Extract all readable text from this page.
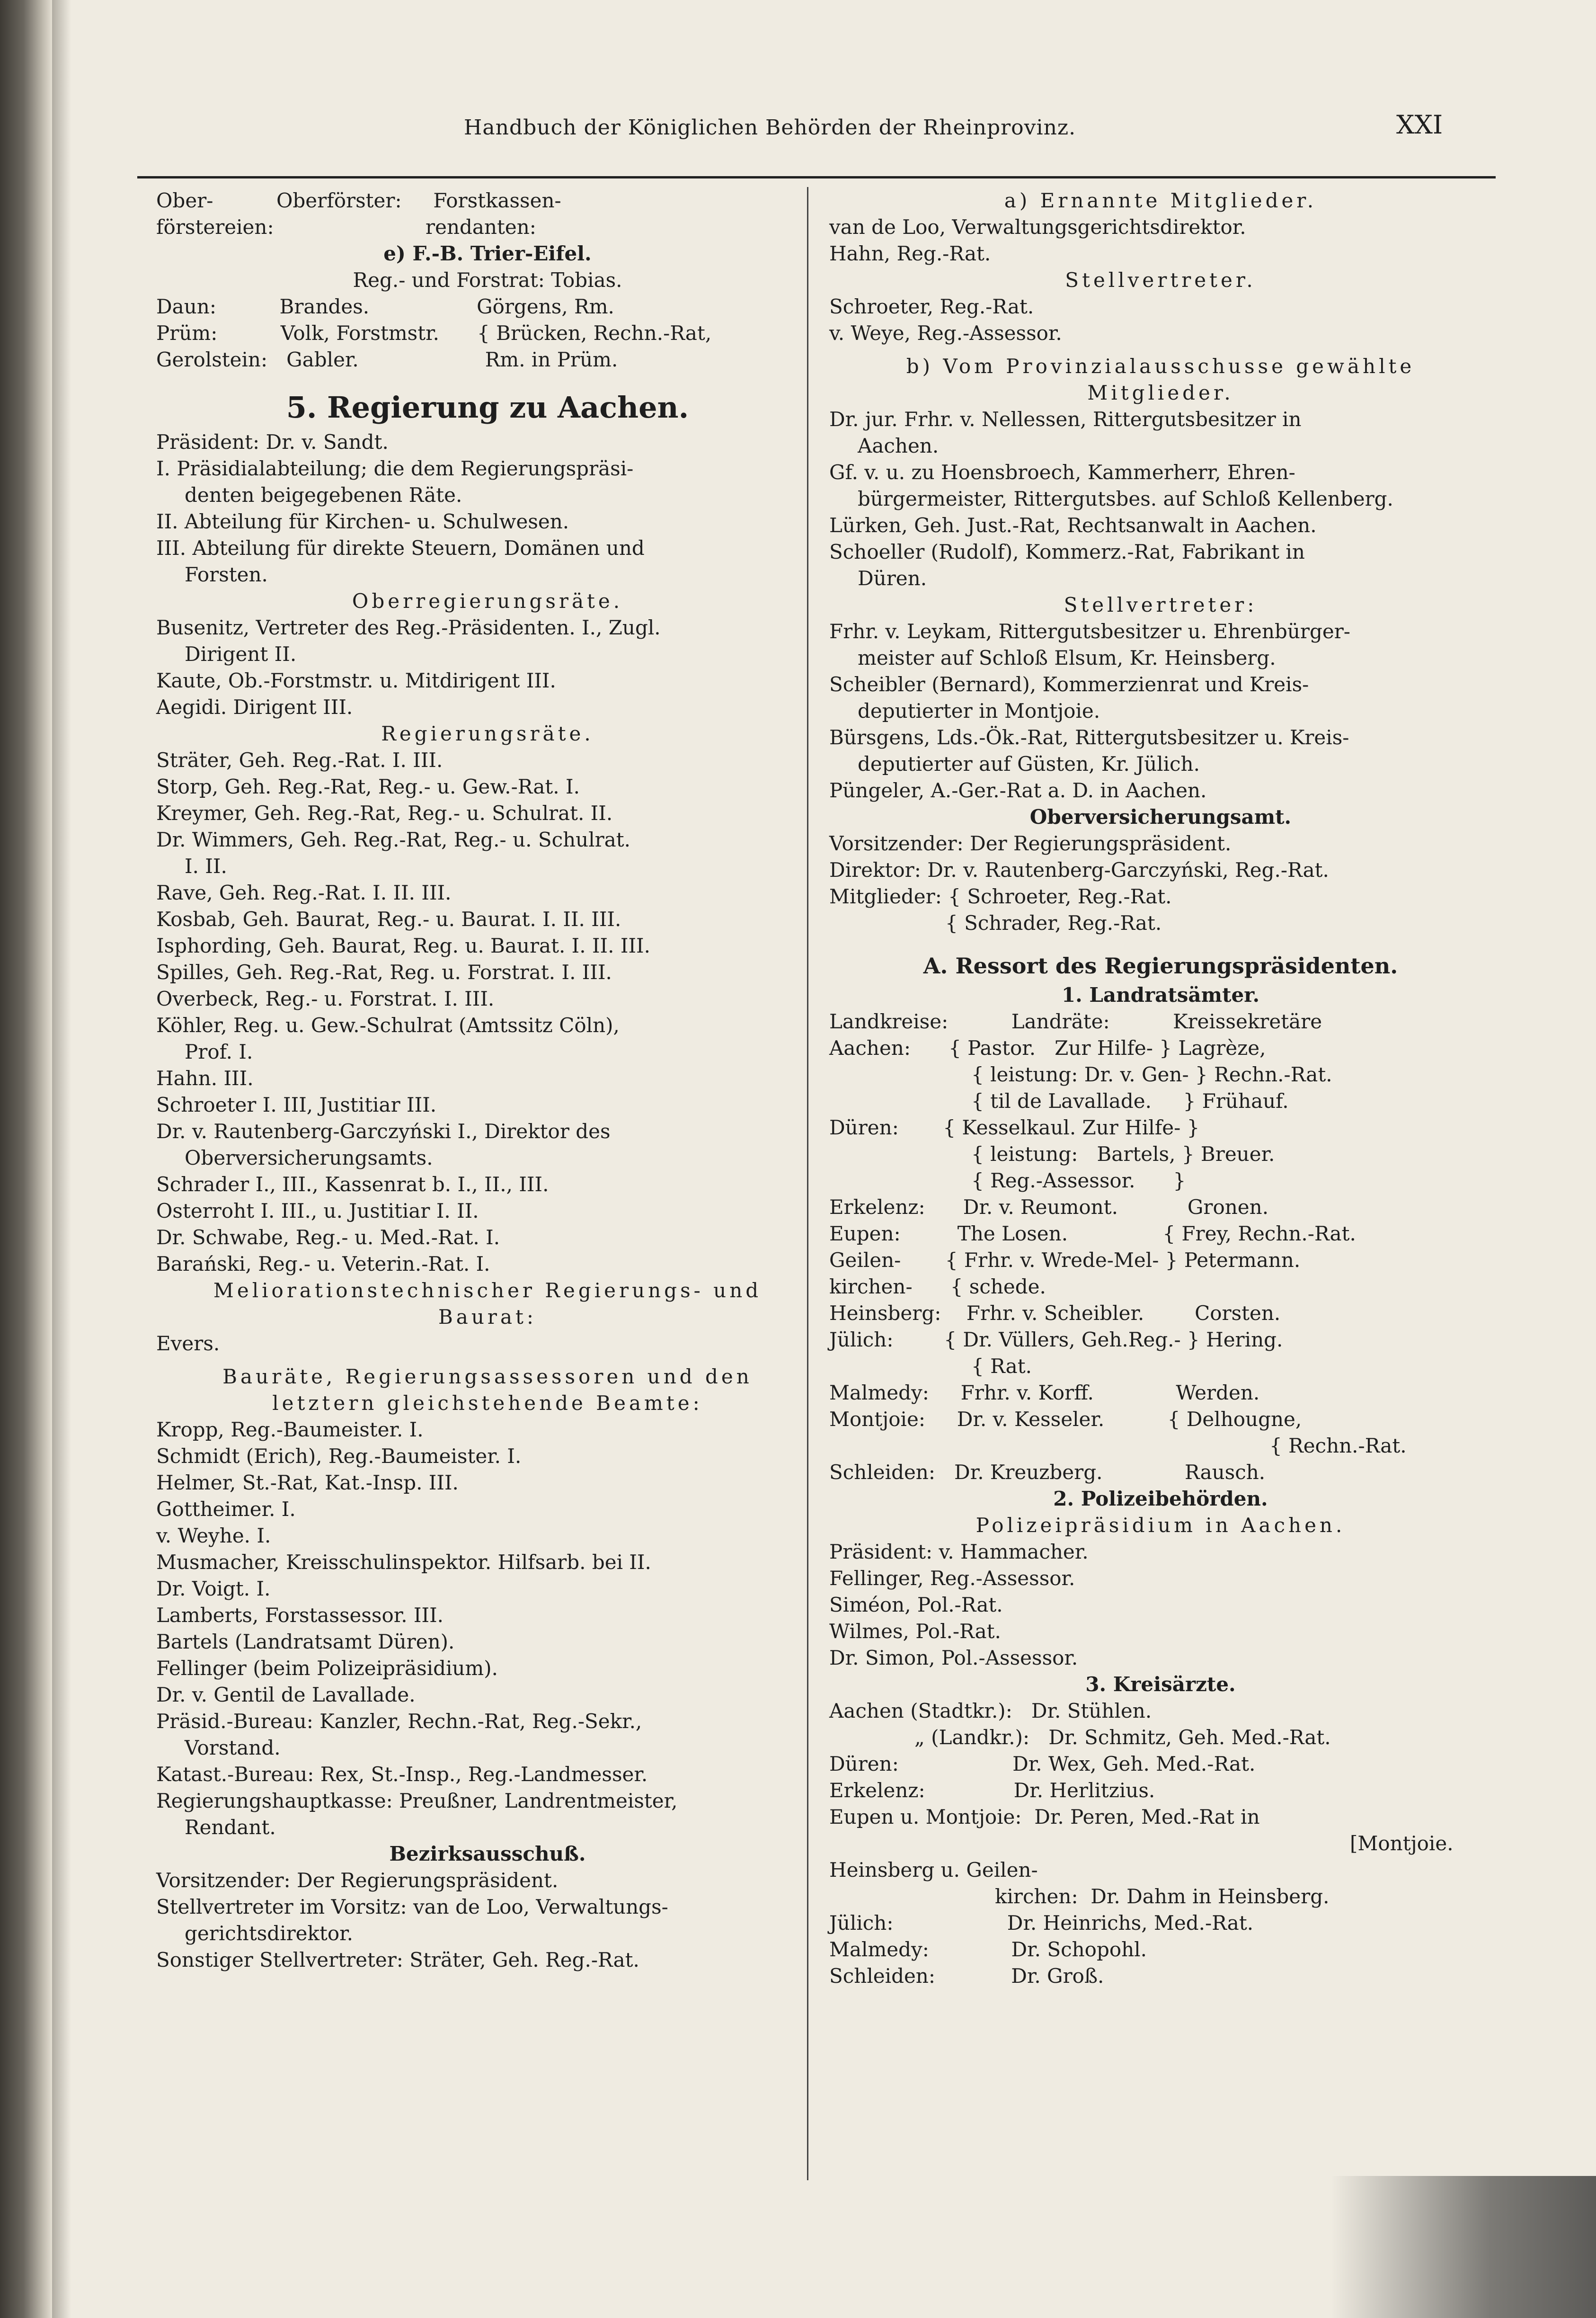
Handbuch der Königlichen Behörden der Rheinprovinz.	XXI
Ober-          Oberförster:     Forstkassen-
förstereien:                        rendanten:
e) F.-B. Trier-Eifel.
Reg.- und Forstrat: Tobias.
Daun:          Brandes.                 Görgens, Rm.
Prüm:          Volk, Forstmstr.      { Brücken, Rechn.-Rat,
Gerolstein:   Gabler.                    Rm. in Prüm.
5. Regierung zu Aachen.
Präsident: Dr. v. Sandt.
I. Präsidialabteilung; die dem Regierungspräsi-
denten beigegebenen Räte.
II. Abteilung für Kirchen- u. Schulwesen.
III. Abteilung für direkte Steuern, Domänen und
Forsten.
Oberregierungsräte.
Busenitz, Vertreter des Reg.-Präsidenten. I., Zugl.
Dirigent II.
Kaute, Ob.-Forstmstr. u. Mitdirigent III.
Aegidi. Dirigent III.
Regierungsräte.
Sträter, Geh. Reg.-Rat. I. III.
Storp, Geh. Reg.-Rat, Reg.- u. Gew.-Rat. I.
Kreymer, Geh. Reg.-Rat, Reg.- u. Schulrat. II.
Dr. Wimmers, Geh. Reg.-Rat, Reg.- u. Schulrat.
I. II.
Rave, Geh. Reg.-Rat. I. II. III.
Kosbab, Geh. Baurat, Reg.- u. Baurat. I. II. III.
Isphording, Geh. Baurat, Reg. u. Baurat. I. II. III.
Spilles, Geh. Reg.-Rat, Reg. u. Forstrat. I. III.
Overbeck, Reg.- u. Forstrat. I. III.
Köhler, Reg. u. Gew.-Schulrat (Amtssitz Cöln),
Prof. I.
Hahn. III.
Schroeter I. III, Justitiar III.
Dr. v. Rautenberg-Garczyński I., Direktor des
Oberversicherungsamts.
Schrader I., III., Kassenrat b. I., II., III.
Osterroht I. III., u. Justitiar I. II.
Dr. Schwabe, Reg.- u. Med.-Rat. I.
Barański, Reg.- u. Veterin.-Rat. I.
Meliorationstechnischer Regierungs- und
Baurat:
Evers.
Bauräte, Regierungsassessoren und den
letztern gleichstehende Beamte:
Kropp, Reg.-Baumeister. I.
Schmidt (Erich), Reg.-Baumeister. I.
Helmer, St.-Rat, Kat.-Insp. III.
Gottheimer. I.
v. Weyhe. I.
Musmacher, Kreisschulinspektor. Hilfsarb. bei II.
Dr. Voigt. I.
Lamberts, Forstassessor. III.
Bartels (Landratsamt Düren).
Fellinger (beim Polizeipräsidium).
Dr. v. Gentil de Lavallade.
Präsid.-Bureau: Kanzler, Rechn.-Rat, Reg.-Sekr.,
Vorstand.
Katast.-Bureau: Rex, St.-Insp., Reg.-Landmesser.
Regierungshauptkasse: Preußner, Landrentmeister,
Rendant.
Bezirksausschuß.
Vorsitzender: Der Regierungspräsident.
Stellvertreter im Vorsitz: van de Loo, Verwaltungs-
gerichtsdirektor.
Sonstiger Stellvertreter: Sträter, Geh. Reg.-Rat.
a) Ernannte Mitglieder.
van de Loo, Verwaltungsgerichtsdirektor.
Hahn, Reg.-Rat.
Stellvertreter.
Schroeter, Reg.-Rat.
v. Weye, Reg.-Assessor.
b) Vom Provinzialausschusse gewählte
Mitglieder.
Dr. jur. Frhr. v. Nellessen, Rittergutsbesitzer in
Aachen.
Gf. v. u. zu Hoensbroech, Kammerherr, Ehren-
bürgermeister, Rittergutsbes. auf Schloß Kellenberg.
Lürken, Geh. Just.-Rat, Rechtsanwalt in Aachen.
Schoeller (Rudolf), Kommerz.-Rat, Fabrikant in
Düren.
Stellvertreter:
Frhr. v. Leykam, Rittergutsbesitzer u. Ehrenbürger-
meister auf Schloß Elsum, Kr. Heinsberg.
Scheibler (Bernard), Kommerzienrat und Kreis-
deputierter in Montjoie.
Bürsgens, Lds.-Ök.-Rat, Rittergutsbesitzer u. Kreis-
deputierter auf Güsten, Kr. Jülich.
Püngeler, A.-Ger.-Rat a. D. in Aachen.
Oberversicherungsamt.
Vorsitzender: Der Regierungspräsident.
Direktor: Dr. v. Rautenberg-Garczyński, Reg.-Rat.
Mitglieder: { Schroeter, Reg.-Rat.
{ Schrader, Reg.-Rat.
A. Ressort des Regierungspräsidenten.
1. Landratsämter.
Landkreise:          Landräte:          Kreissekretäre
Aachen:      { Pastor.   Zur Hilfe- } Lagrèze,
{ leistung: Dr. v. Gen- } Rechn.-Rat.
{ til de Lavallade.     } Frühauf.
Düren:       { Kesselkaul. Zur Hilfe- }
{ leistung:   Bartels, } Breuer.
{ Reg.-Assessor.      }
Erkelenz:      Dr. v. Reumont.           Gronen.
Eupen:         The Losen.               { Frey, Rechn.-Rat.
Geilen-       { Frhr. v. Wrede-Mel- } Petermann.
kirchen-      { schede.
Heinsberg:    Frhr. v. Scheibler.        Corsten.
Jülich:        { Dr. Vüllers, Geh.Reg.- } Hering.
{ Rat.
Malmedy:     Frhr. v. Korff.             Werden.
Montjoie:     Dr. v. Kesseler.          { Delhougne,
{ Rechn.-Rat.
Schleiden:   Dr. Kreuzberg.             Rausch.
2. Polizeibehörden.
Polizeipräsidium in Aachen.
Präsident: v. Hammacher.
Fellinger, Reg.-Assessor.
Siméon, Pol.-Rat.
Wilmes, Pol.-Rat.
Dr. Simon, Pol.-Assessor.
3. Kreisärzte.
Aachen (Stadtkr.):   Dr. Stühlen.
„ (Landkr.):   Dr. Schmitz, Geh. Med.-Rat.
Düren:                  Dr. Wex, Geh. Med.-Rat.
Erkelenz:              Dr. Herlitzius.
Eupen u. Montjoie:  Dr. Peren, Med.-Rat in
[Montjoie.
Heinsberg u. Geilen-
kirchen:  Dr. Dahm in Heinsberg.
Jülich:                  Dr. Heinrichs, Med.-Rat.
Malmedy:             Dr. Schopohl.
Schleiden:            Dr. Groß.
